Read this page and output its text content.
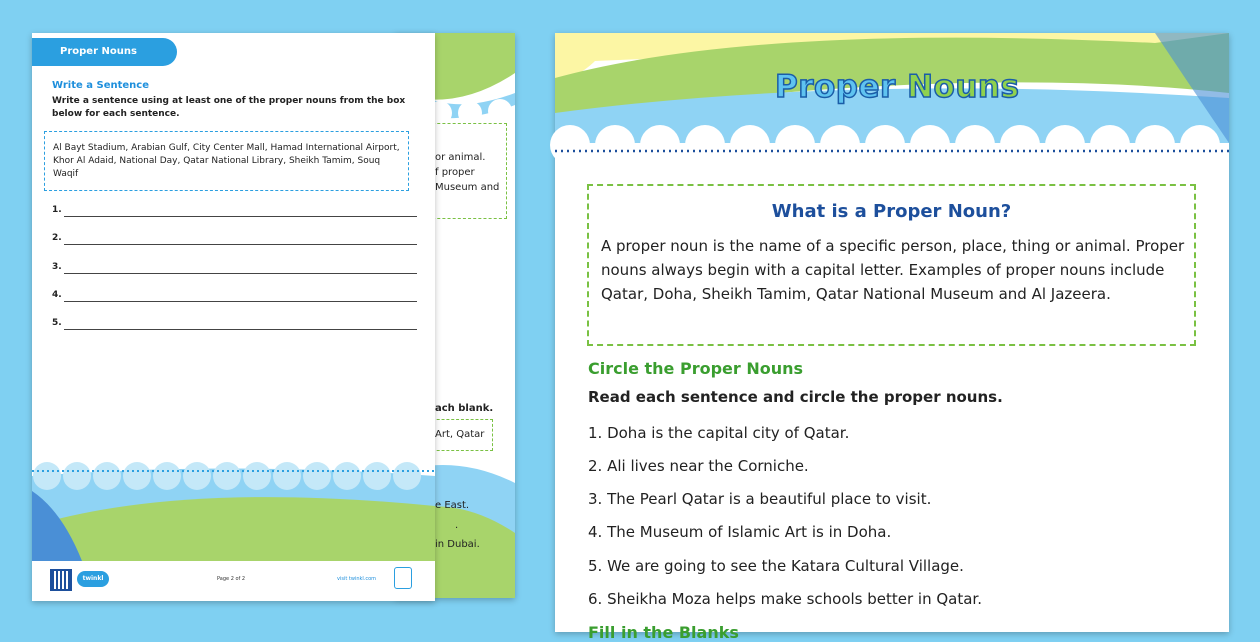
or animal.
f proper
Museum and
ach blank.
Art, Qatar
e East.
.
in Dubai.
Proper Nouns
Write a Sentence
Write a sentence using at least one of the proper nouns from the box below for each sentence.
Al Bayt Stadium, Arabian Gulf, City Center Mall, Hamad International Airport, Khor Al Adaid, National Day, Qatar National Library, Sheikh Tamim, Souq Waqif
1.
2.
3.
4.
5.
twinkl	Page 2 of 2	visit twinkl.com
Proper Nouns
What is a Proper Noun?
A proper noun is the name of a specific person, place, thing or animal. Proper nouns always begin with a capital letter. Examples of proper nouns include Qatar, Doha, Sheikh Tamim, Qatar National Museum and Al Jazeera.
Circle the Proper Nouns
Read each sentence and circle the proper nouns.
1. Doha is the capital city of Qatar.
2. Ali lives near the Corniche.
3. The Pearl Qatar is a beautiful place to visit.
4. The Museum of Islamic Art is in Doha.
5. We are going to see the Katara Cultural Village.
6. Sheikha Moza helps make schools better in Qatar.
Fill in the Blanks
